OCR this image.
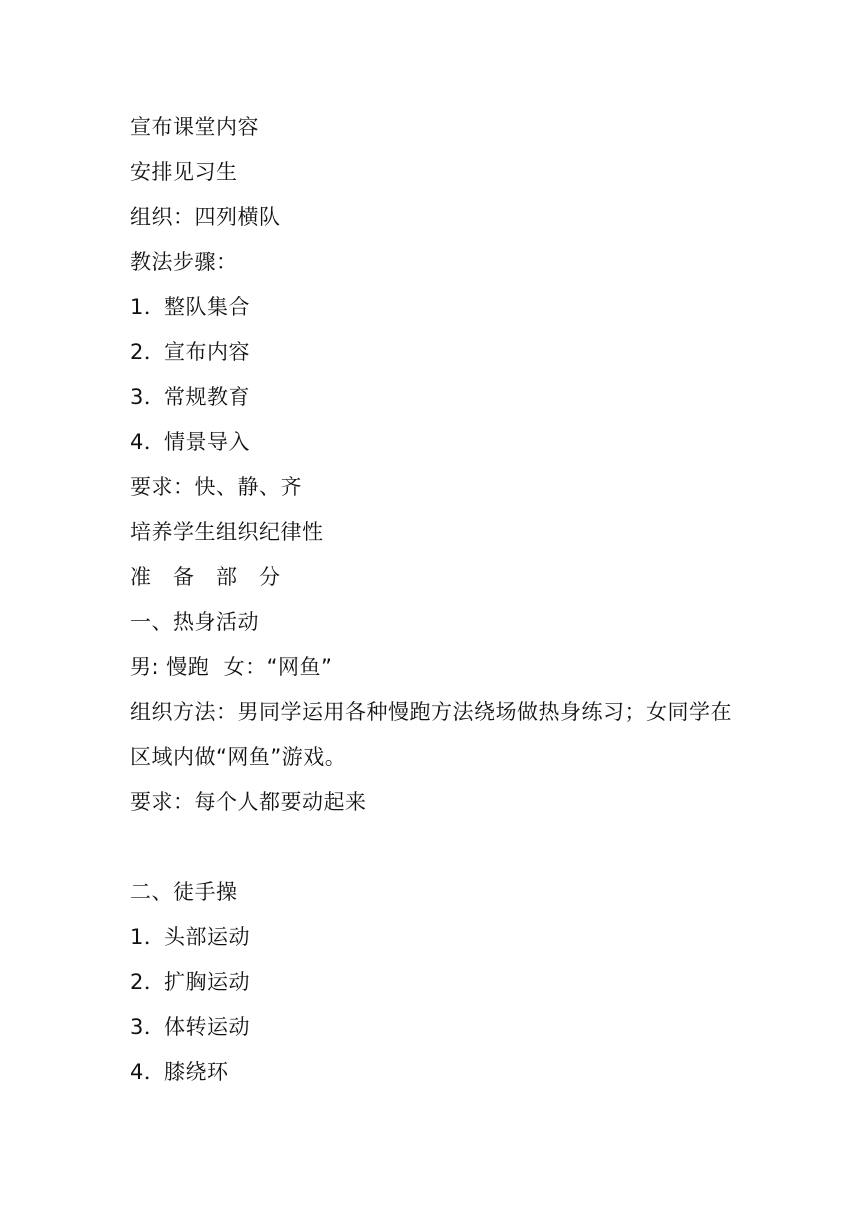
宣布课堂内容
安排见习生
组织：四列横队
教法步骤：
1．整队集合
2．宣布内容
3．常规教育
4．情景导入
要求：快、静、齐
培养学生组织纪律性
准备部分
一、热身活动
男: 慢跑  女：“网鱼”
组织方法：男同学运用各种慢跑方法绕场做热身练习；女同学在区域内做“网鱼”游戏。
要求：每个人都要动起来
二、徒手操
1．头部运动
2．扩胸运动
3．体转运动
4．膝绕环
